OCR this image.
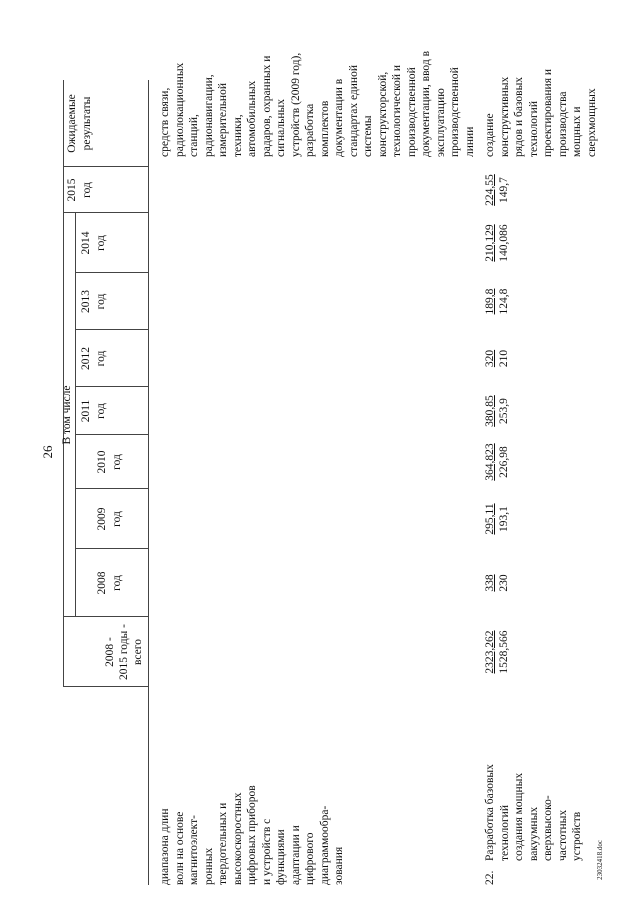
26
23032418.doc
2008 - 2015 годы - всего
В том числе
2008 год
2009 год
2010 год
2011 год
2012 год
2013 год
2014 год
2015 год
Ожидаемые результаты
диапазона длин волн на основе магнитоэлект- ронных твердотельных и высокоскоростных цифровых приборов и устройств с функциями адаптации и цифрового диаграммообра- зования
средств связи, радиолокационных станций, радионавигации, измерительной техники, автомобильных радаров, охранных и сигнальных устройств (2009 год), разработка комплектов документации в стандартах единой системы конструкторской, технологической и производственной документации, ввод в эксплуатацию производственной линии
22.
Разработка базовых технологий создания мощных вакуумных сверхвысоко- частотных устройств
2323,262 1528,566
338 230
295,11 193,1
364,823 226,98
380,85 253,9
320 210
189,8 124,8
210,129 140,086
224,55 149,7
создание конструктивных рядов и базовых технологий проектирования и производства мощных и сверхмощных
